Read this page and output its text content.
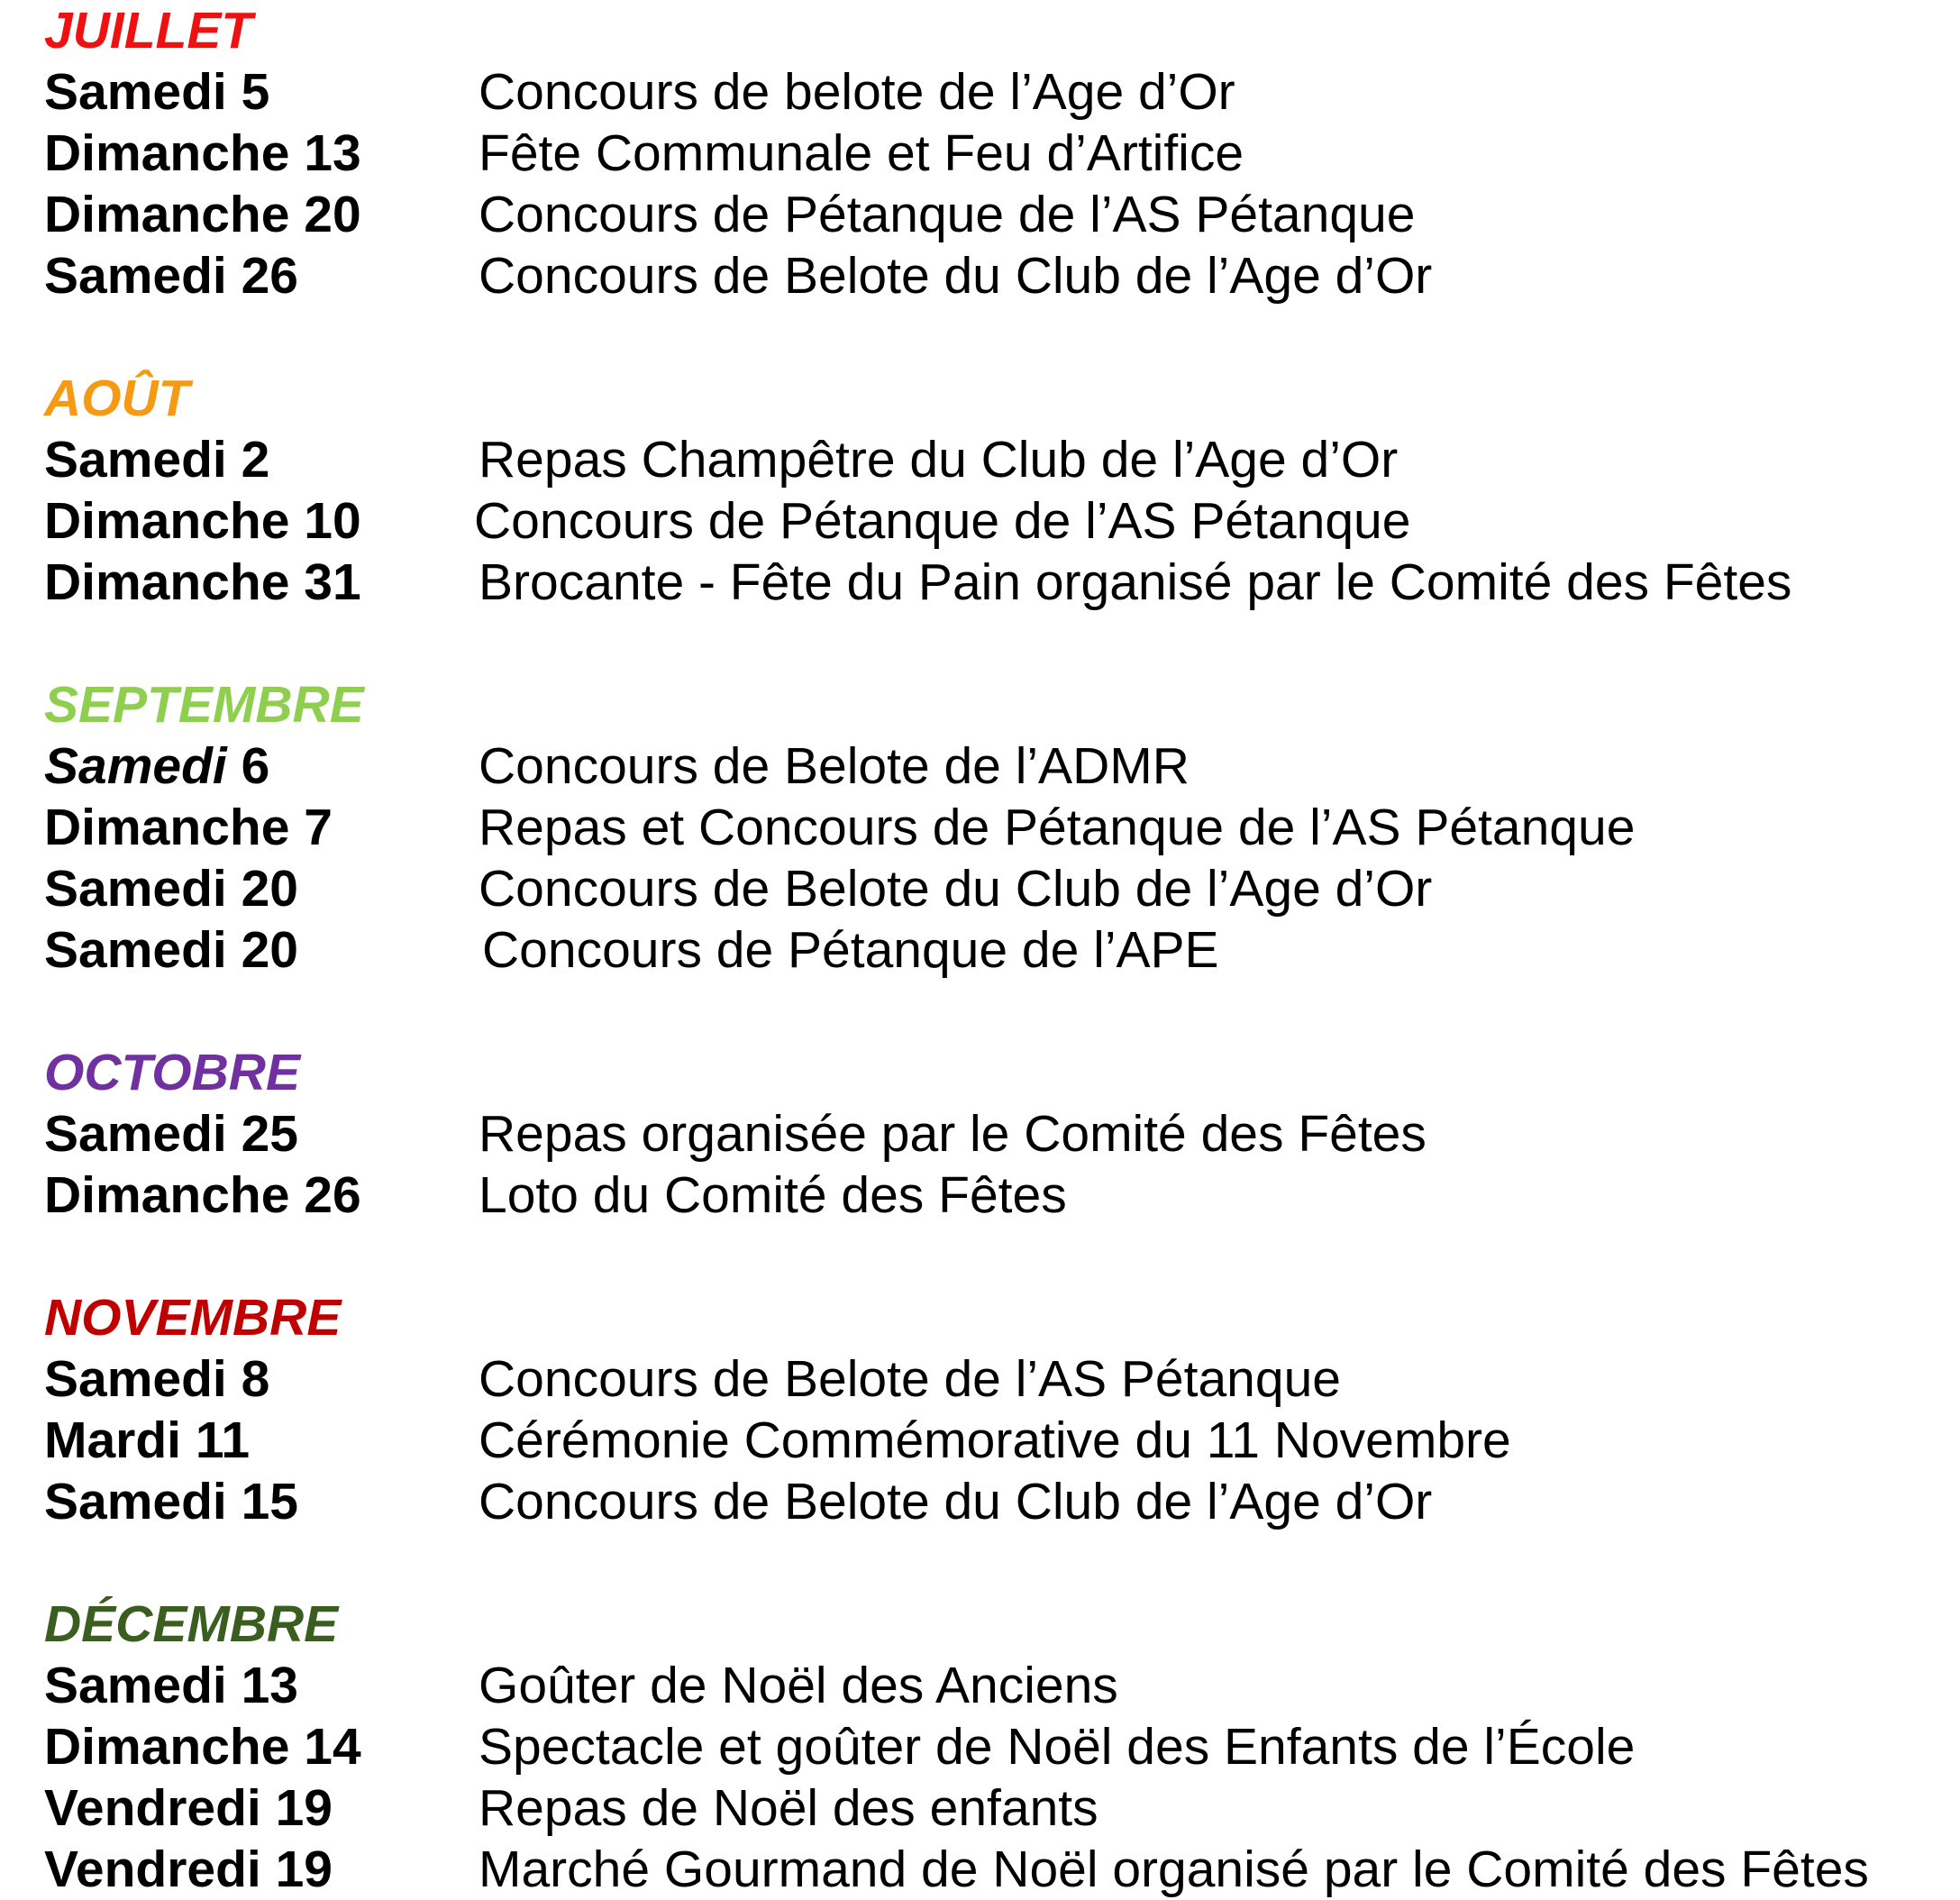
JUILLET
Samedi 5	Concours de belote de l’Age d’Or
Dimanche 13	Fête Communale et Feu d’Artifice
Dimanche 20	Concours de Pétanque de l’AS Pétanque
Samedi 26	Concours de Belote du Club de l’Age d’Or
AOÛT
Samedi 2	Repas Champêtre du Club de l’Age d’Or
Dimanche 10	Concours de Pétanque de l’AS Pétanque
Dimanche 31	Brocante - Fête du Pain organisé par le Comité des Fêtes
SEPTEMBRE
Samedi 6	Concours de Belote de l’ADMR
Dimanche 7	Repas et Concours de Pétanque de l’AS Pétanque
Samedi 20	Concours de Belote du Club de l’Age d’Or
Samedi 20	Concours de Pétanque de l’APE
OCTOBRE
Samedi 25	Repas organisée par le Comité des Fêtes
Dimanche 26	Loto du Comité des Fêtes
NOVEMBRE
Samedi 8	Concours de Belote de l’AS Pétanque
Mardi 11	Cérémonie Commémorative du 11 Novembre
Samedi 15	Concours de Belote du Club de l’Age d’Or
DÉCEMBRE
Samedi 13	Goûter de Noël des Anciens
Dimanche 14	Spectacle et goûter de Noël des Enfants de l’École
Vendredi 19	Repas de Noël des enfants
Vendredi 19	Marché Gourmand de Noël organisé par le Comité des Fêtes
